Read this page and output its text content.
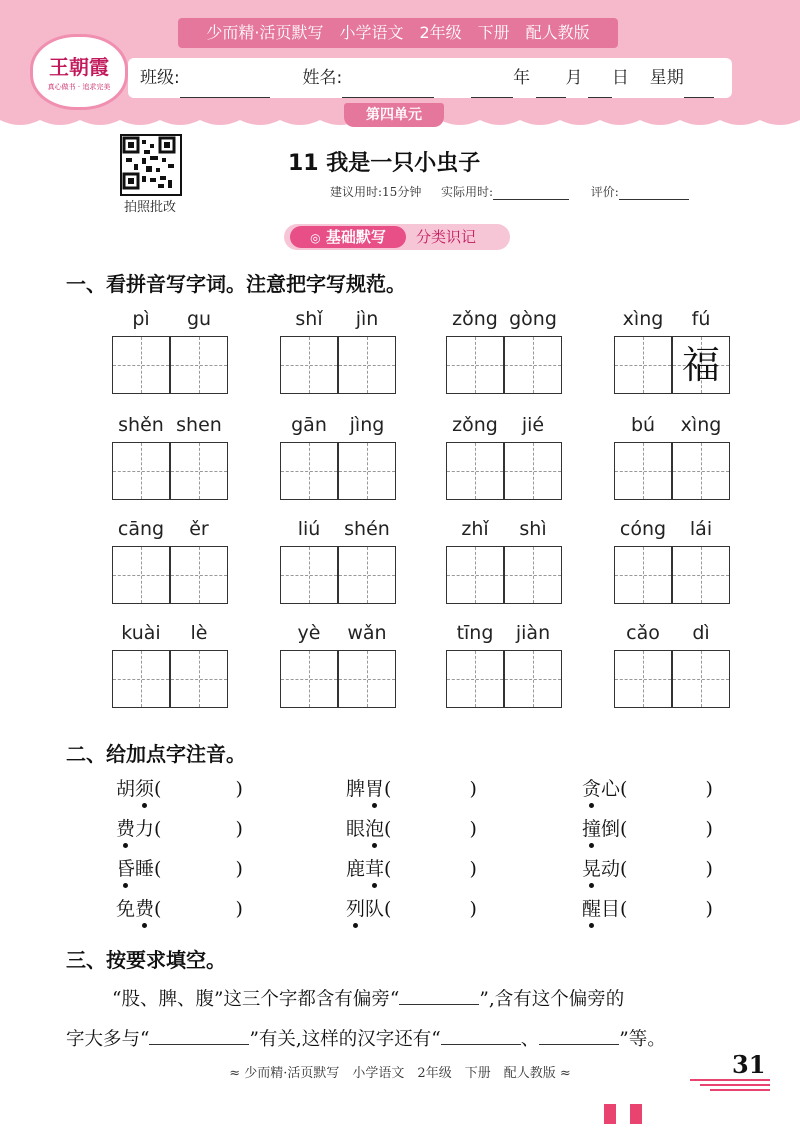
少而精·活页默写　小学语文　2年级　下册　配人教版
王朝霞
真心做书 · 追求完美	班级:	姓名:	年 月 日 星期
第四单元
拍照批改
11 我是一只小虫子
建议用时:15分钟 实际用时:	评价:
◎ 基础默写	分类识记
一、看拼音写字词。注意把字写规范。
pì gu	shǐ jìn	zǒng gòng	xìng fú
福
shěn shen	gān jìng	zǒng jié	bú xìng
cāng ěr	liú shén	zhǐ shì	cóng lái
kuài lè	yè wǎn	tīng jiàn	cǎo dì
二、给加点字注音。
胡须(	)	脾胃(	)	贪心(	)
费力(	)	眼泡(	)	撞倒(	)
昏睡(	)	鹿茸(	)	晃动(	)
免费(	)	列队(	)	醒目(	)
三、按要求填空。
“股、脾、腹”这三个字都含有偏旁“	”,含有这个偏旁的
字大多与“	”有关,这样的汉字还有“	、	”等。
≈ 少而精·活页默写　小学语文　2年级　下册　配人教版 ≈	31
